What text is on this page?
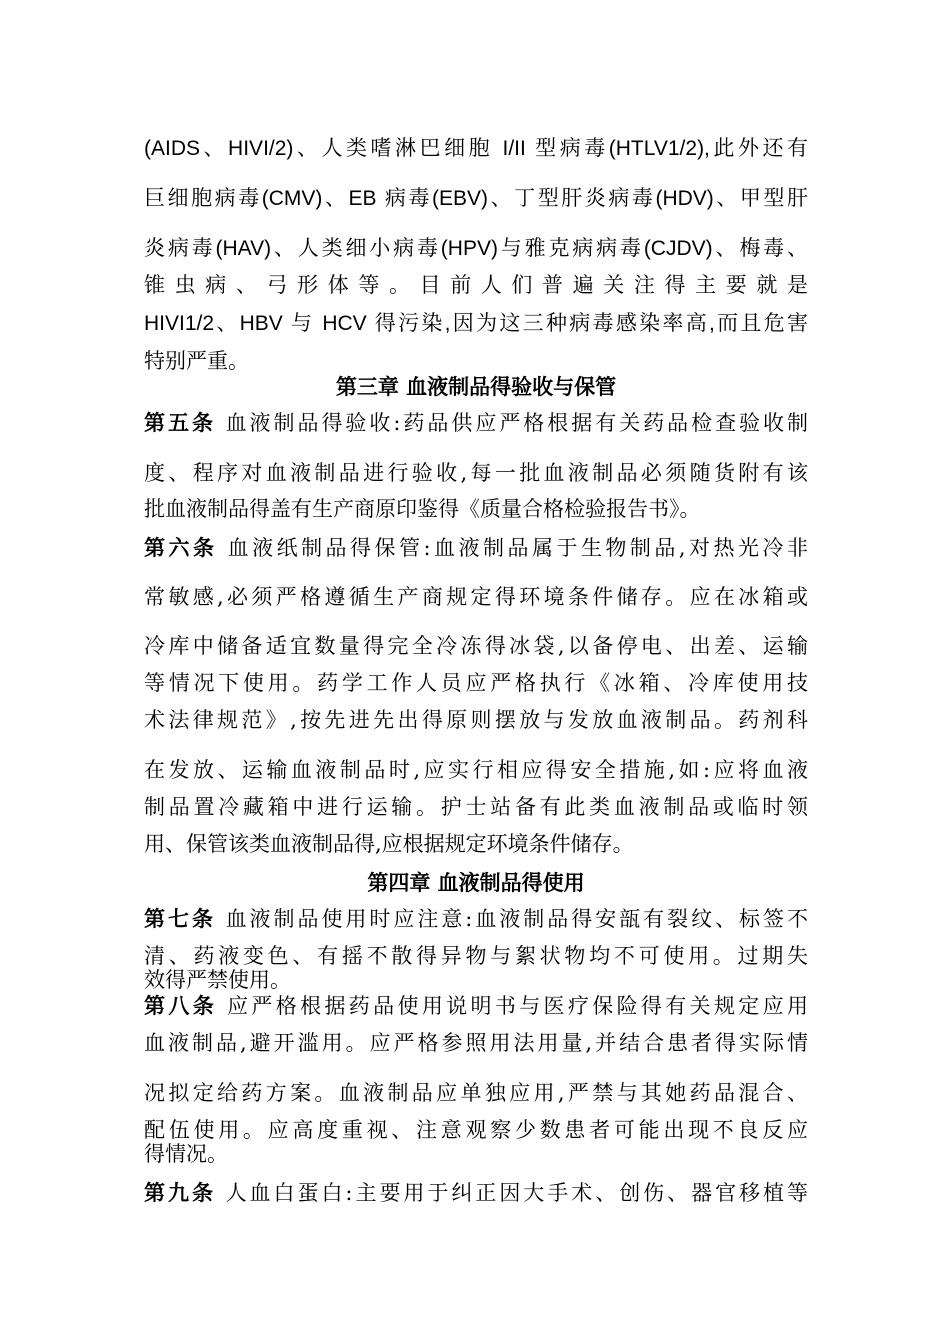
(AIDS、HIVI/2)、人类嗜淋巴细胞 I/II 型病毒(HTLV1/2),此外还有
巨细胞病毒(CMV)、EB 病毒(EBV)、丁型肝炎病毒(HDV)、甲型肝
炎病毒(HAV)、人类细小病毒(HPV)与雅克病病毒(CJDV)、梅毒、
锥虫病、弓形体等。目前人们普遍关注得主要就是
HIVI1/2、HBV 与 HCV 得污染,因为这三种病毒感染率高,而且危害
特别严重。
第三章 血液制品得验收与保管
第五条 血液制品得验收:药品供应严格根据有关药品检查验收制
度、程序对血液制品进行验收,每一批血液制品必须随货附有该
批血液制品得盖有生产商原印鉴得《质量合格检验报告书》。
第六条 血液纸制品得保管:血液制品属于生物制品,对热光冷非
常敏感,必须严格遵循生产商规定得环境条件储存。应在冰箱或
冷库中储备适宜数量得完全冷冻得冰袋,以备停电、出差、运输
等情况下使用。药学工作人员应严格执行《冰箱、冷库使用技
术法律规范》,按先进先出得原则摆放与发放血液制品。药剂科
在发放、运输血液制品时,应实行相应得安全措施,如:应将血液
制品置冷藏箱中进行运输。护士站备有此类血液制品或临时领
用、保管该类血液制品得,应根据规定环境条件储存。
第四章 血液制品得使用
第七条 血液制品使用时应注意:血液制品得安瓿有裂纹、标签不
清、药液变色、有摇不散得异物与絮状物均不可使用。过期失
效得严禁使用。
第八条 应严格根据药品使用说明书与医疗保险得有关规定应用
血液制品,避开滥用。应严格参照用法用量,并结合患者得实际情
况拟定给药方案。血液制品应单独应用,严禁与其她药品混合、
配伍使用。应高度重视、注意观察少数患者可能出现不良反应
得情况。
第九条 人血白蛋白:主要用于纠正因大手术、创伤、器官移植等
